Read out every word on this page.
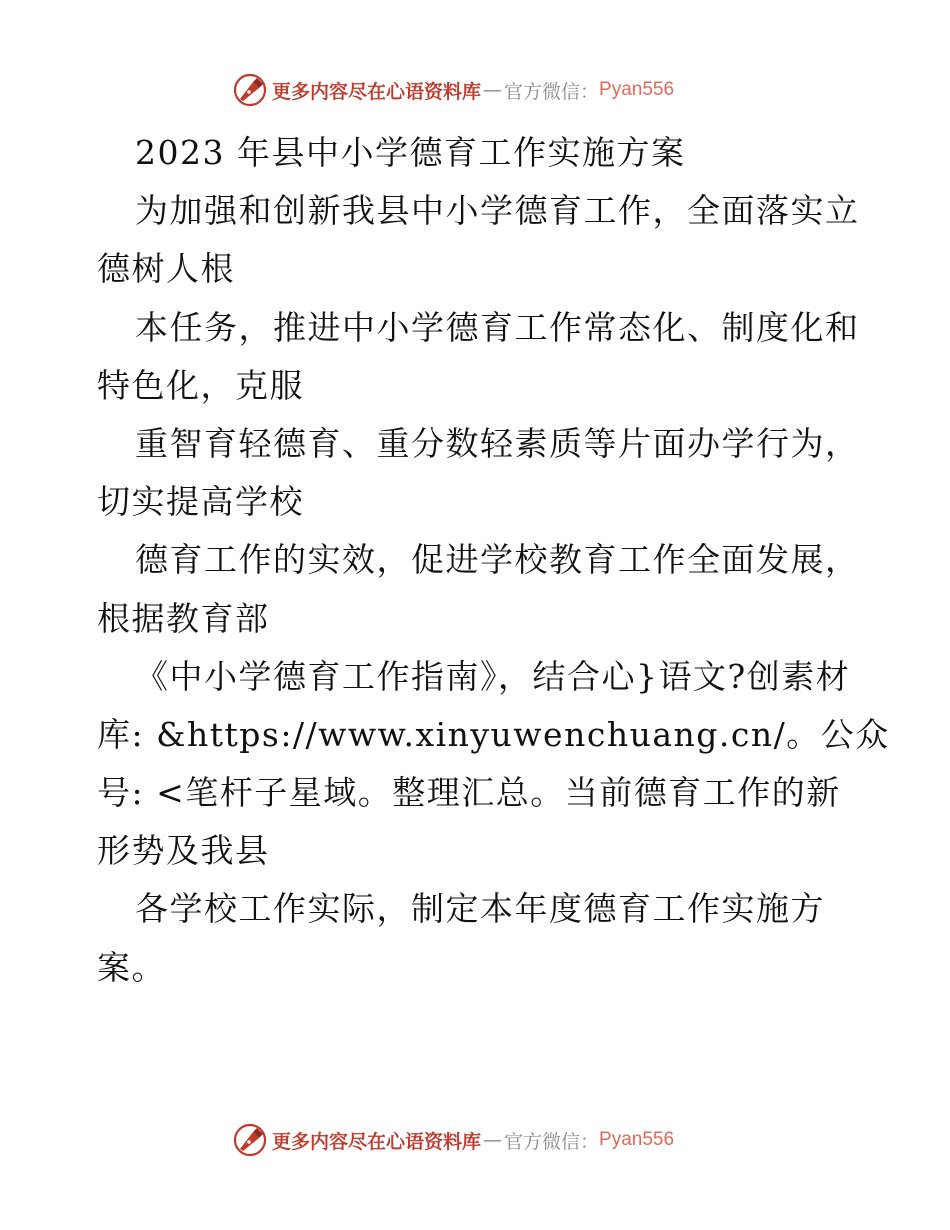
更多内容尽在心语资料库 — 官方微信： Pyan556
2023 年县中小学德育工作实施方案
为加强和创新我县中小学德育工作，全面落实立
德树人根
本任务，推进中小学德育工作常态化、制度化和
特色化，克服
重智育轻德育、重分数轻素质等片面办学行为，
切实提高学校
德育工作的实效，促进学校教育工作全面发展，
根据教育部
《中小学德育工作指南》，结合心}语文?创素材
库: &https://www.xinyuwenchuang.cn/。公众
号: <笔杆子星域。整理汇总。当前德育工作的新
形势及我县
各学校工作实际，制定本年度德育工作实施方
案。
更多内容尽在心语资料库 — 官方微信： Pyan556
